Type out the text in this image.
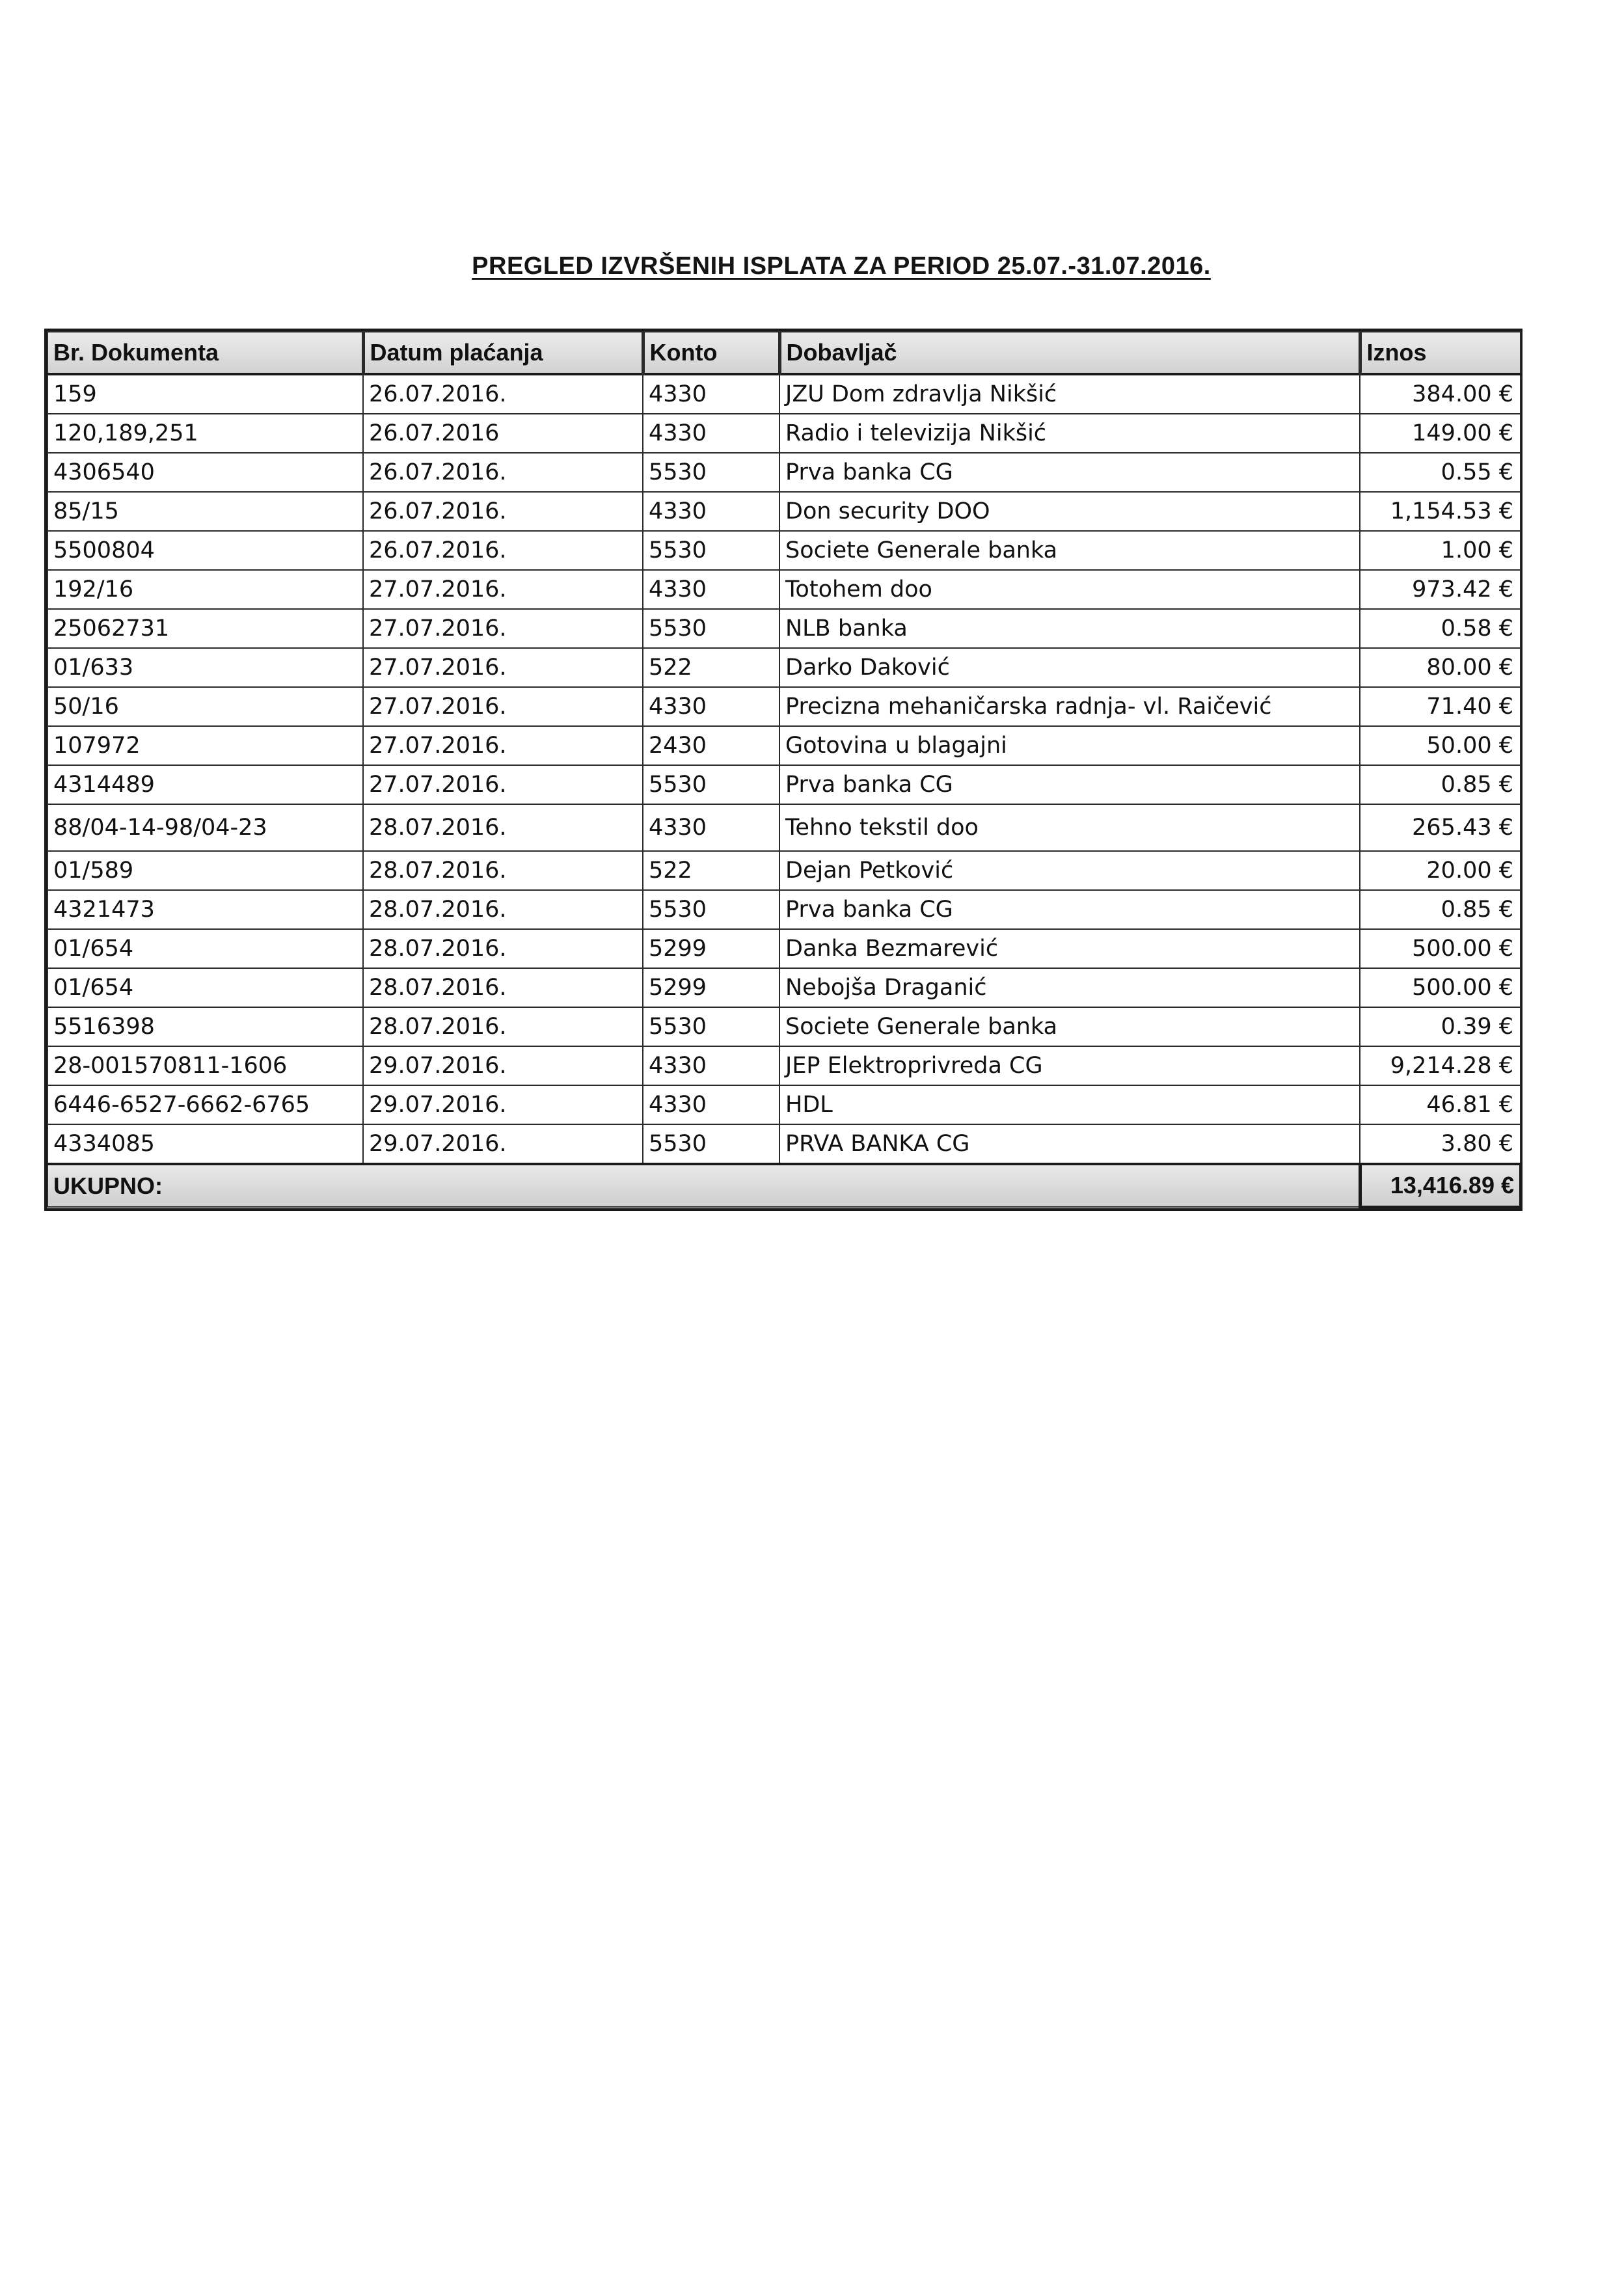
PREGLED IZVRŠENIH ISPLATA ZA PERIOD 25.07.-31.07.2016.
Br. Dokumenta	Datum plaćanja	Konto	Dobavljač	Iznos
159	26.07.2016.	4330	JZU Dom zdravlja Nikšić	384.00 €
120,189,251	26.07.2016	4330	Radio i televizija Nikšić	149.00 €
4306540	26.07.2016.	5530	Prva banka CG	0.55 €
85/15	26.07.2016.	4330	Don security DOO	1,154.53 €
5500804	26.07.2016.	5530	Societe Generale banka	1.00 €
192/16	27.07.2016.	4330	Totohem doo	973.42 €
25062731	27.07.2016.	5530	NLB banka	0.58 €
01/633	27.07.2016.	522	Darko Daković	80.00 €
50/16	27.07.2016.	4330	Precizna mehaničarska radnja- vl. Raičević	71.40 €
107972	27.07.2016.	2430	Gotovina u blagajni	50.00 €
4314489	27.07.2016.	5530	Prva banka CG	0.85 €
88/04-14-98/04-23	28.07.2016.	4330	Tehno tekstil doo	265.43 €
01/589	28.07.2016.	522	Dejan Petković	20.00 €
4321473	28.07.2016.	5530	Prva banka CG	0.85 €
01/654	28.07.2016.	5299	Danka Bezmarević	500.00 €
01/654	28.07.2016.	5299	Nebojša Draganić	500.00 €
5516398	28.07.2016.	5530	Societe Generale banka	0.39 €
28-001570811-1606	29.07.2016.	4330	JEP Elektroprivreda CG	9,214.28 €
6446-6527-6662-6765	29.07.2016.	4330	HDL	46.81 €
4334085	29.07.2016.	5530	PRVA BANKA CG	3.80 €
UKUPNO:				13,416.89 €
